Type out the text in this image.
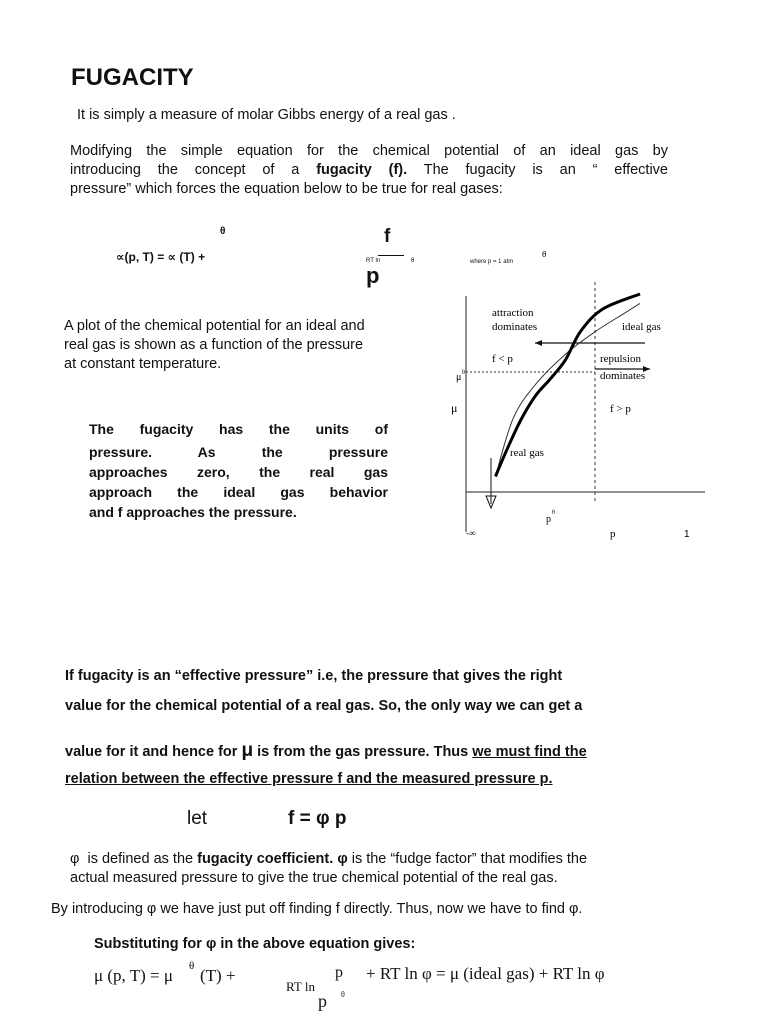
FUGACITY
It is simply a measure of molar Gibbs energy of a real gas .
Modifying the simple equation for the chemical potential of an ideal gas by
introducing the concept of a fugacity (f). The fugacity is an “ effective
pressure” which forces the equation below to be true for real gases:
θ
∝(p, T) = ∝ (T) +	RT ln
f
p
θ	where p = 1 atm
θ
A plot of the chemical potential for an ideal and
real gas is shown as a function of the pressure
at constant temperature.
The fugacity has the units of
pressure. As the pressure
approaches zero, the real gas
approach the ideal gas behavior
and f approaches the pressure.
attraction
dominates	ideal gas
f < p	repulsion
dominates
μ θ
μ	f > p
real gas
p
θ
-∞	p	1
If fugacity is an “effective pressure” i.e, the pressure that gives the right
value for the chemical potential of a real gas. So, the only way we can get a
value for it and hence for μ is from the gas pressure. Thus we must find the
relation between the effective pressure f and the measured pressure p.
let	f = φ p
φ is defined as the fugacity coefficient. φ is the “fudge factor” that modifies the
actual measured pressure to give the true chemical potential of the real gas.
By introducing φ we have just put off finding f directly. Thus, now we have to find φ.
Substituting for φ in the above equation gives:
μ (p, T) = μ θ (T) +
RT ln
p
p θ
+ RT ln φ = μ (ideal gas) + RT ln φ
